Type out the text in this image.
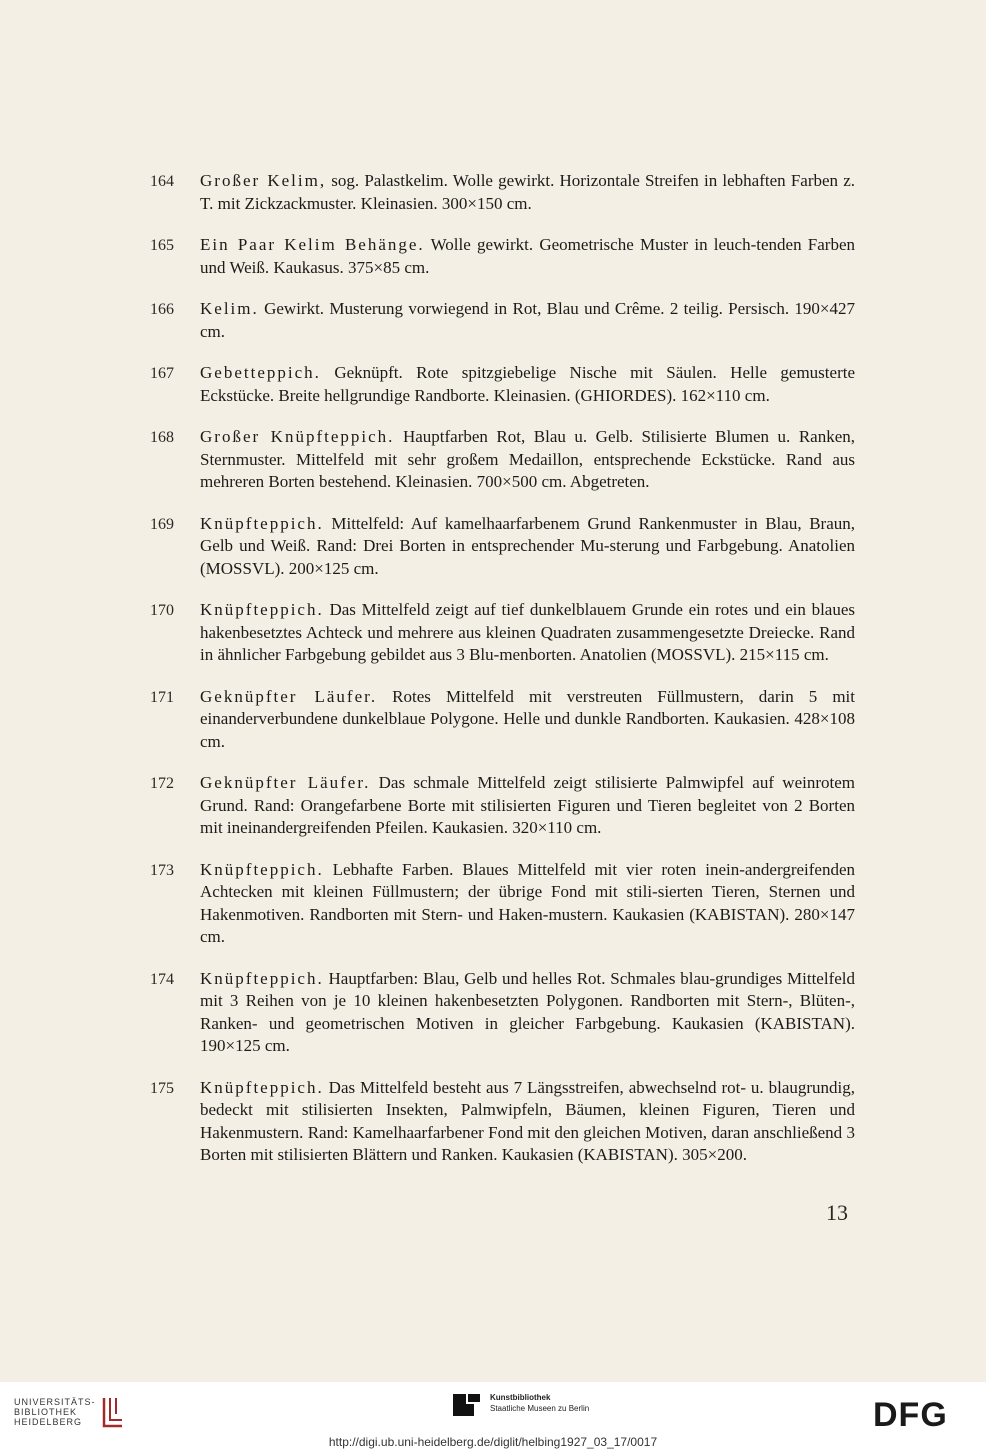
164	Großer Kelim, sog. Palastkelim. Wolle gewirkt. Horizontale Streifen in lebhaften Farben z. T. mit Zickzackmuster. Kleinasien. 300×150 cm.
165	Ein Paar Kelim Behänge. Wolle gewirkt. Geometrische Muster in leuch-tenden Farben und Weiß. Kaukasus. 375×85 cm.
166	Kelim. Gewirkt. Musterung vorwiegend in Rot, Blau und Crême. 2 teilig. Persisch. 190×427 cm.
167	Gebetteppich. Geknüpft. Rote spitzgiebelige Nische mit Säulen. Helle gemusterte Eckstücke. Breite hellgrundige Randborte. Kleinasien. (GHIORDES). 162×110 cm.
168	Großer Knüpfteppich. Hauptfarben Rot, Blau u. Gelb. Stilisierte Blumen u. Ranken, Sternmuster. Mittelfeld mit sehr großem Medaillon, entsprechende Eckstücke. Rand aus mehreren Borten bestehend. Kleinasien. 700×500 cm. Abgetreten.
169	Knüpfteppich. Mittelfeld: Auf kamelhaarfarbenem Grund Rankenmuster in Blau, Braun, Gelb und Weiß. Rand: Drei Borten in entsprechender Mu-sterung und Farbgebung. Anatolien (MOSSVL). 200×125 cm.
170	Knüpfteppich. Das Mittelfeld zeigt auf tief dunkelblauem Grunde ein rotes und ein blaues hakenbesetztes Achteck und mehrere aus kleinen Quadraten zusammengesetzte Dreiecke. Rand in ähnlicher Farbgebung gebildet aus 3 Blu-menborten. Anatolien (MOSSVL). 215×115 cm.
171	Geknüpfter Läufer. Rotes Mittelfeld mit verstreuten Füllmustern, darin 5 mit einanderverbundene dunkelblaue Polygone. Helle und dunkle Randborten. Kaukasien. 428×108 cm.
172	Geknüpfter Läufer. Das schmale Mittelfeld zeigt stilisierte Palmwipfel auf weinrotem Grund. Rand: Orangefarbene Borte mit stilisierten Figuren und Tieren begleitet von 2 Borten mit ineinandergreifenden Pfeilen. Kaukasien. 320×110 cm.
173	Knüpfteppich. Lebhafte Farben. Blaues Mittelfeld mit vier roten inein-andergreifenden Achtecken mit kleinen Füllmustern; der übrige Fond mit stili-sierten Tieren, Sternen und Hakenmotiven. Randborten mit Stern- und Haken-mustern. Kaukasien (KABISTAN). 280×147 cm.
174	Knüpfteppich. Hauptfarben: Blau, Gelb und helles Rot. Schmales blau-grundiges Mittelfeld mit 3 Reihen von je 10 kleinen hakenbesetzten Polygonen. Randborten mit Stern-, Blüten-, Ranken- und geometrischen Motiven in gleicher Farbgebung. Kaukasien (KABISTAN). 190×125 cm.
175	Knüpfteppich. Das Mittelfeld besteht aus 7 Längsstreifen, abwechselnd rot- u. blaugrundig, bedeckt mit stilisierten Insekten, Palmwipfeln, Bäumen, kleinen Figuren, Tieren und Hakenmustern. Rand: Kamelhaarfarbener Fond mit den gleichen Motiven, daran anschließend 3 Borten mit stilisierten Blättern und Ranken. Kaukasien (KABISTAN). 305×200.
13
UNIVERSITÄTS-
BIBLIOTHEK
HEIDELBERG
Kunstbibliothek
Staatliche Museen zu Berlin	DFG
http://digi.ub.uni-heidelberg.de/diglit/helbing1927_03_17/0017
